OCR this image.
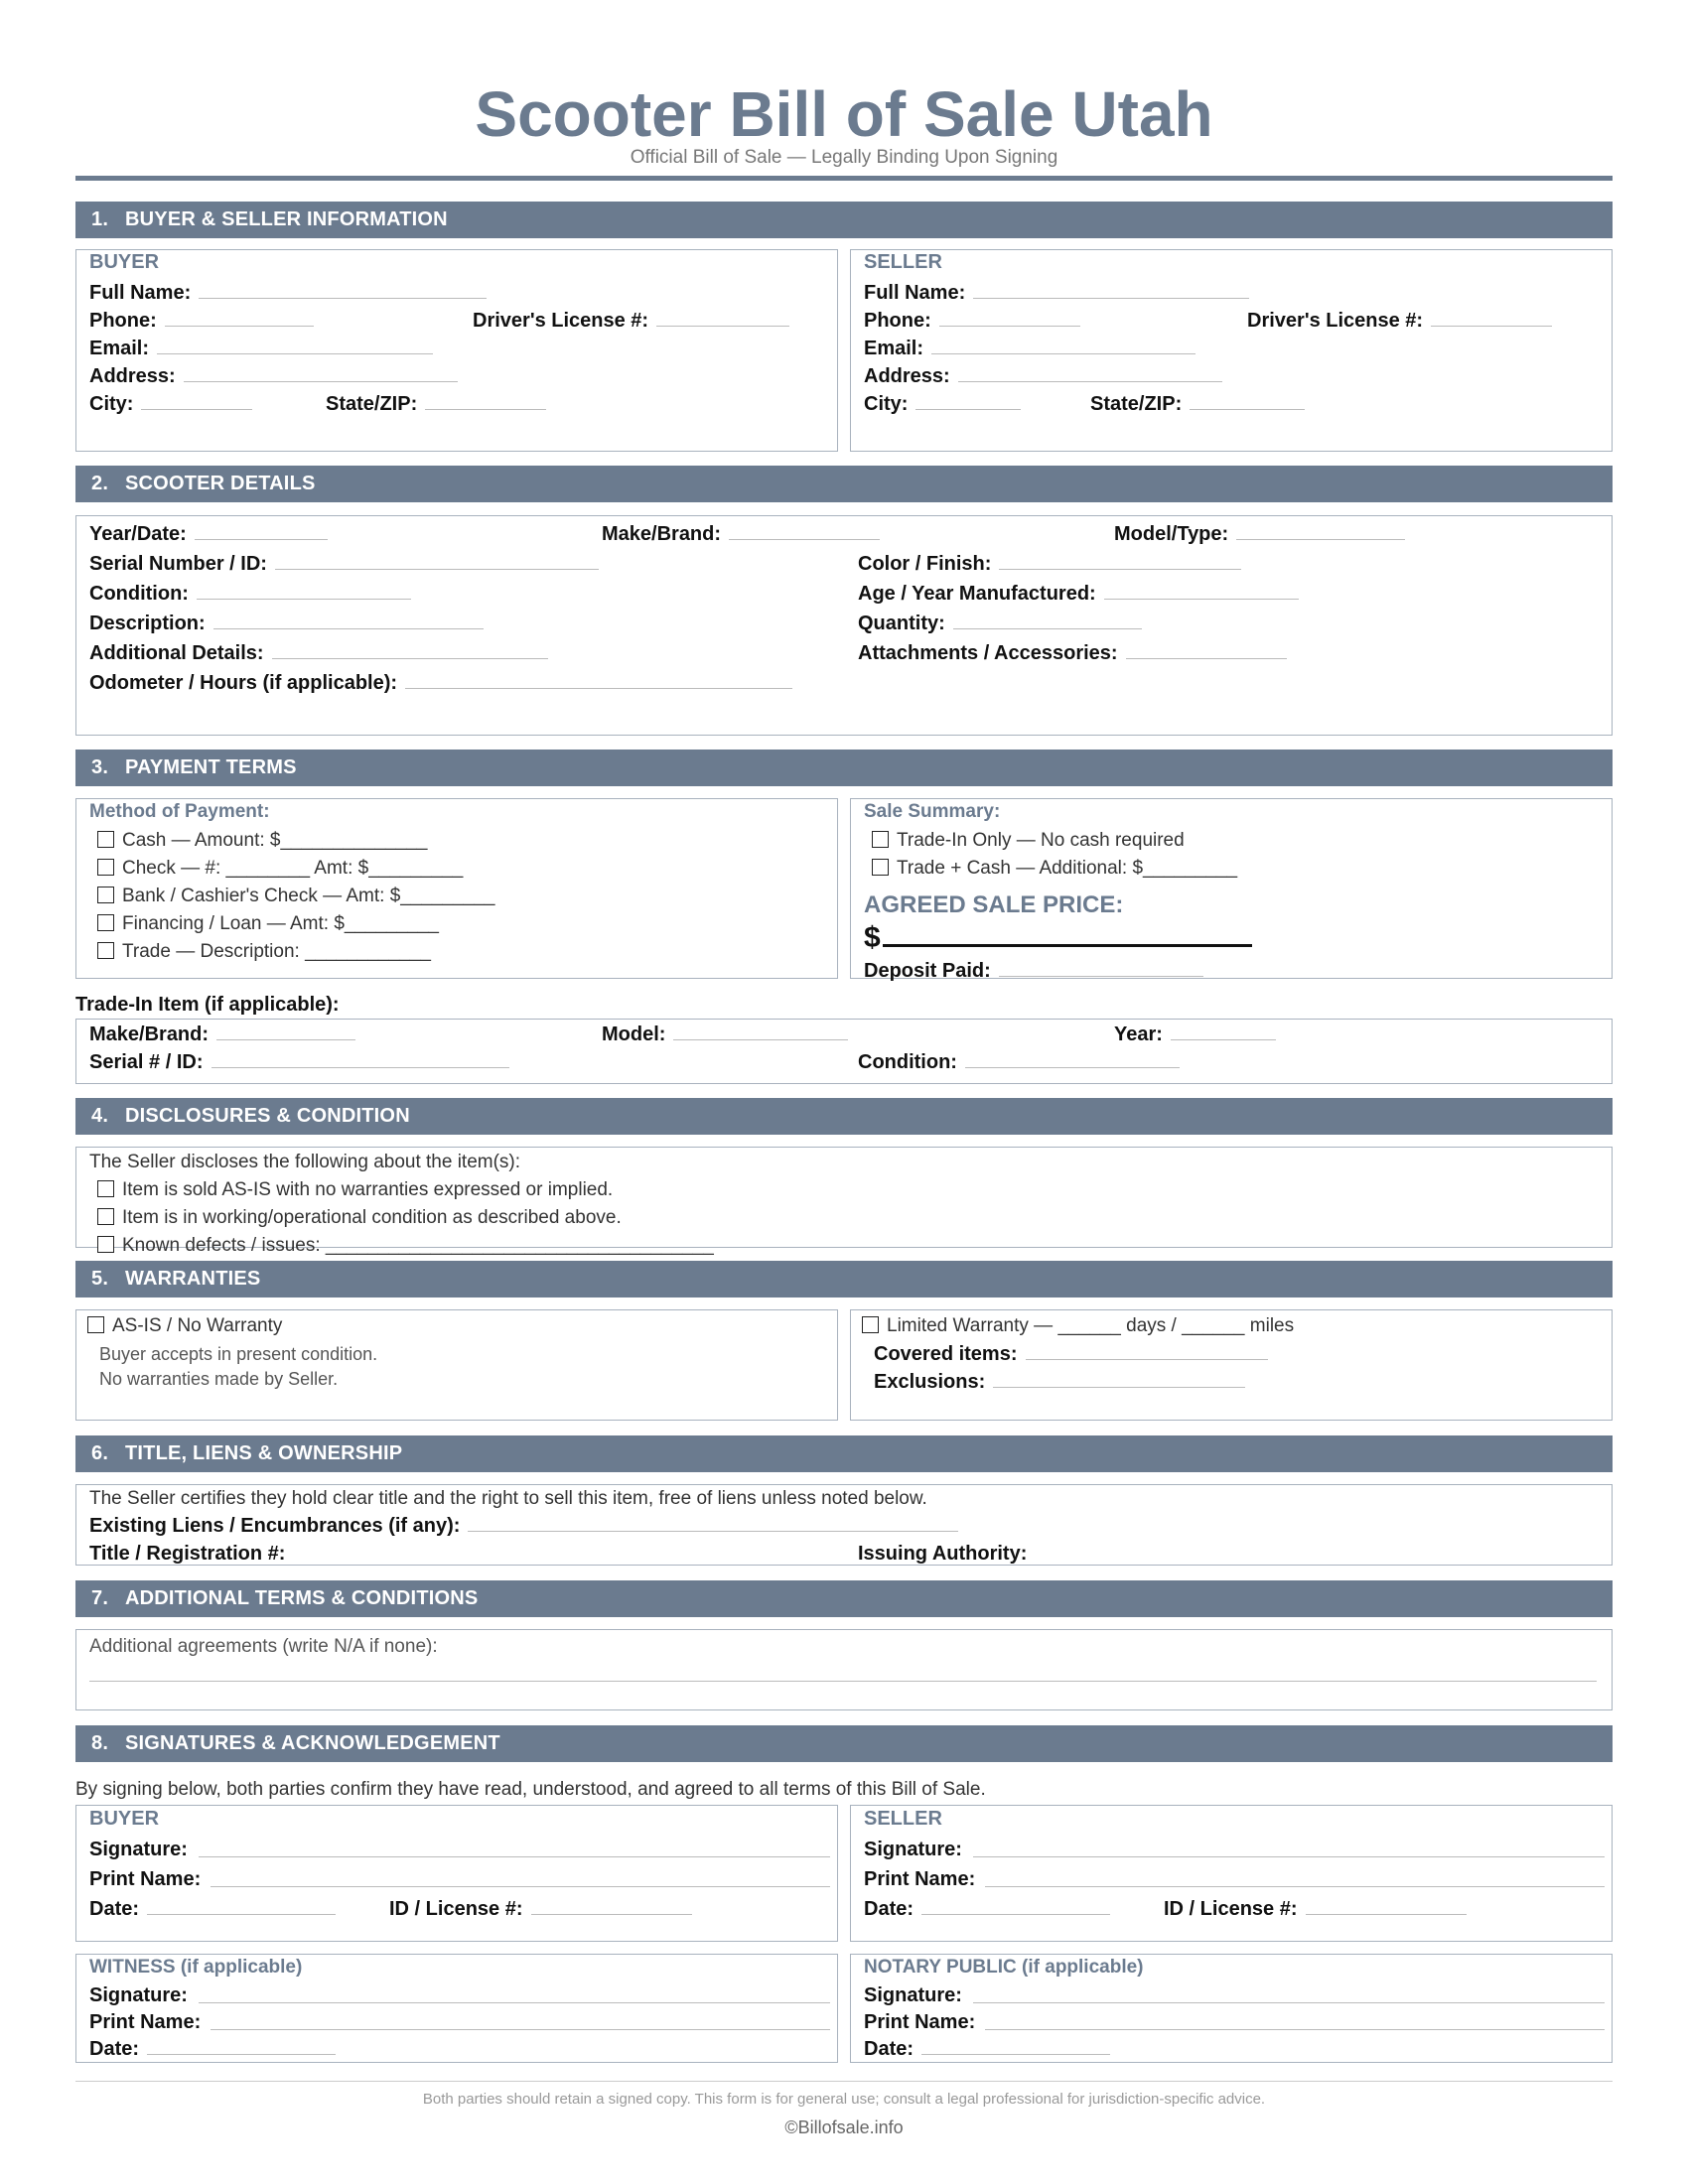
Scooter Bill of Sale Utah
Official Bill of Sale — Legally Binding Upon Signing
1. BUYER & SELLER INFORMATION
BUYER
Full Name:
Phone:	Driver's License #:
Email:
Address:
City:	State/ZIP:
SELLER
Full Name:
Phone:	Driver's License #:
Email:
Address:
City:	State/ZIP:
2. SCOOTER DETAILS
Year/Date:	Make/Brand:	Model/Type:
Serial Number / ID:	Color / Finish:
Condition:	Age / Year Manufactured:
Description:	Quantity:
Additional Details:	Attachments / Accessories:
Odometer / Hours (if applicable):
3. PAYMENT TERMS
Method of Payment:
Cash — Amount: $______________
Check — #: ________ Amt: $_________
Bank / Cashier's Check — Amt: $_________
Financing / Loan — Amt: $_________
Trade — Description: ____________
Sale Summary:
Trade-In Only — No cash required
Trade + Cash — Additional: $_________
AGREED SALE PRICE:
$
Deposit Paid:
Trade-In Item (if applicable):
Make/Brand:	Model:	Year:
Serial # / ID:	Condition:
4. DISCLOSURES & CONDITION
The Seller discloses the following about the item(s):
Item is sold AS-IS with no warranties expressed or implied.
Item is in working/operational condition as described above.
Known defects / issues: _____________________________________
5. WARRANTIES
AS-IS / No Warranty
Buyer accepts in present condition.
No warranties made by Seller.
Limited Warranty — ______ days / ______ miles
Covered items:
Exclusions:
6. TITLE, LIENS & OWNERSHIP
The Seller certifies they hold clear title and the right to sell this item, free of liens unless noted below.
Existing Liens / Encumbrances (if any):
Title / Registration #:	Issuing Authority:
7. ADDITIONAL TERMS & CONDITIONS
Additional agreements (write N/A if none):
8. SIGNATURES & ACKNOWLEDGEMENT
By signing below, both parties confirm they have read, understood, and agreed to all terms of this Bill of Sale.
BUYER
Signature:
Print Name:
Date:	ID / License #:
SELLER
Signature:
Print Name:
Date:	ID / License #:
WITNESS (if applicable)
Signature:
Print Name:
Date:
NOTARY PUBLIC (if applicable)
Signature:
Print Name:
Date:
Both parties should retain a signed copy. This form is for general use; consult a legal professional for jurisdiction-specific advice.
©Billofsale.info
